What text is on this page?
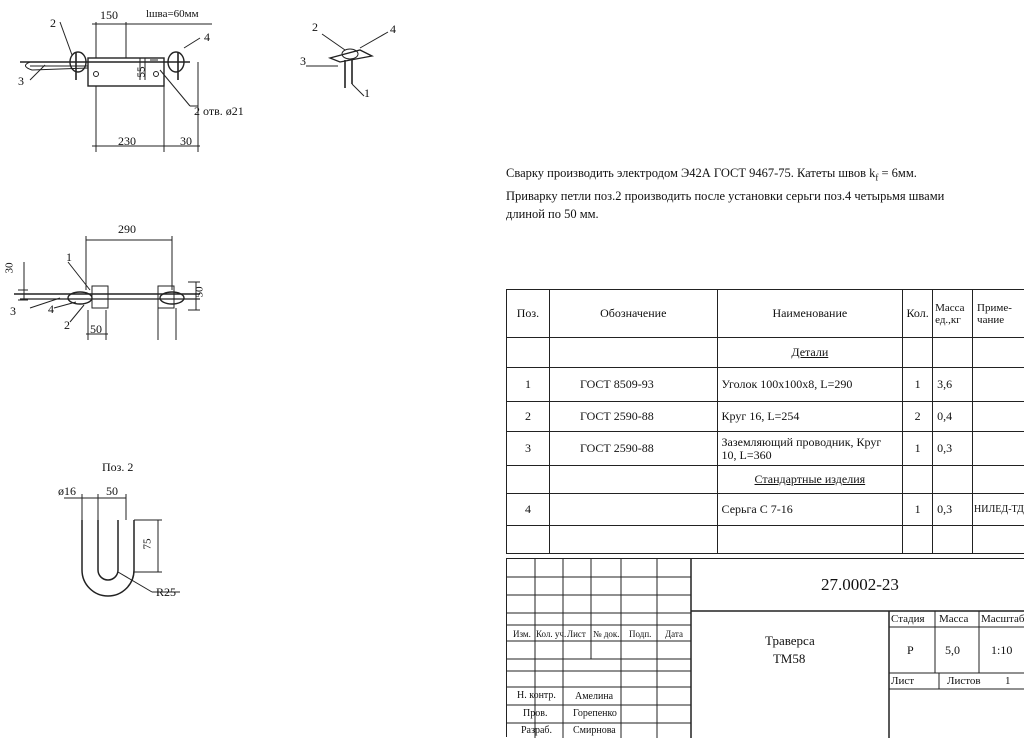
2
150	lшва=60мм
4
3
55
2 отв. ø21
230	30
2	4
3
1
290
30
1
3	4
2 50
50
Поз. 2
ø16	50
75
R25
Сварку производить электродом Э42А ГОСТ 9467-75. Катеты швов $k_f = 6мм$.
Приварку петли поз.2 производить после установки серьги поз.4 четырьмя швами
длиной по 50 мм.
Поз.	Обозначение	Наименование	Кол.	Масса ед.,кг	Приме-чание
		Детали			
1	ГОСТ 8509-93	Уголок 100х100х8, L=290	1	3,6	
2	ГОСТ 2590-88	Круг 16, L=254	2	0,4	
3	ГОСТ 2590-88	Заземляющий проводник, Круг 10, L=360	1	0,3	
		Стандартные изделия			
4		Серьга С 7-16	1	0,3	НИЛЕД-ТД

Изм. Кол. уч. Лист № док. Подп. Дата
Н. контр. Амелина
Пров.	Горепенко
Разраб. Смирнова
27.0002-23
Траверса
ТМ58
Стадия Масса Масштаб
Р	5,0	1:10
Лист	Листов 1
